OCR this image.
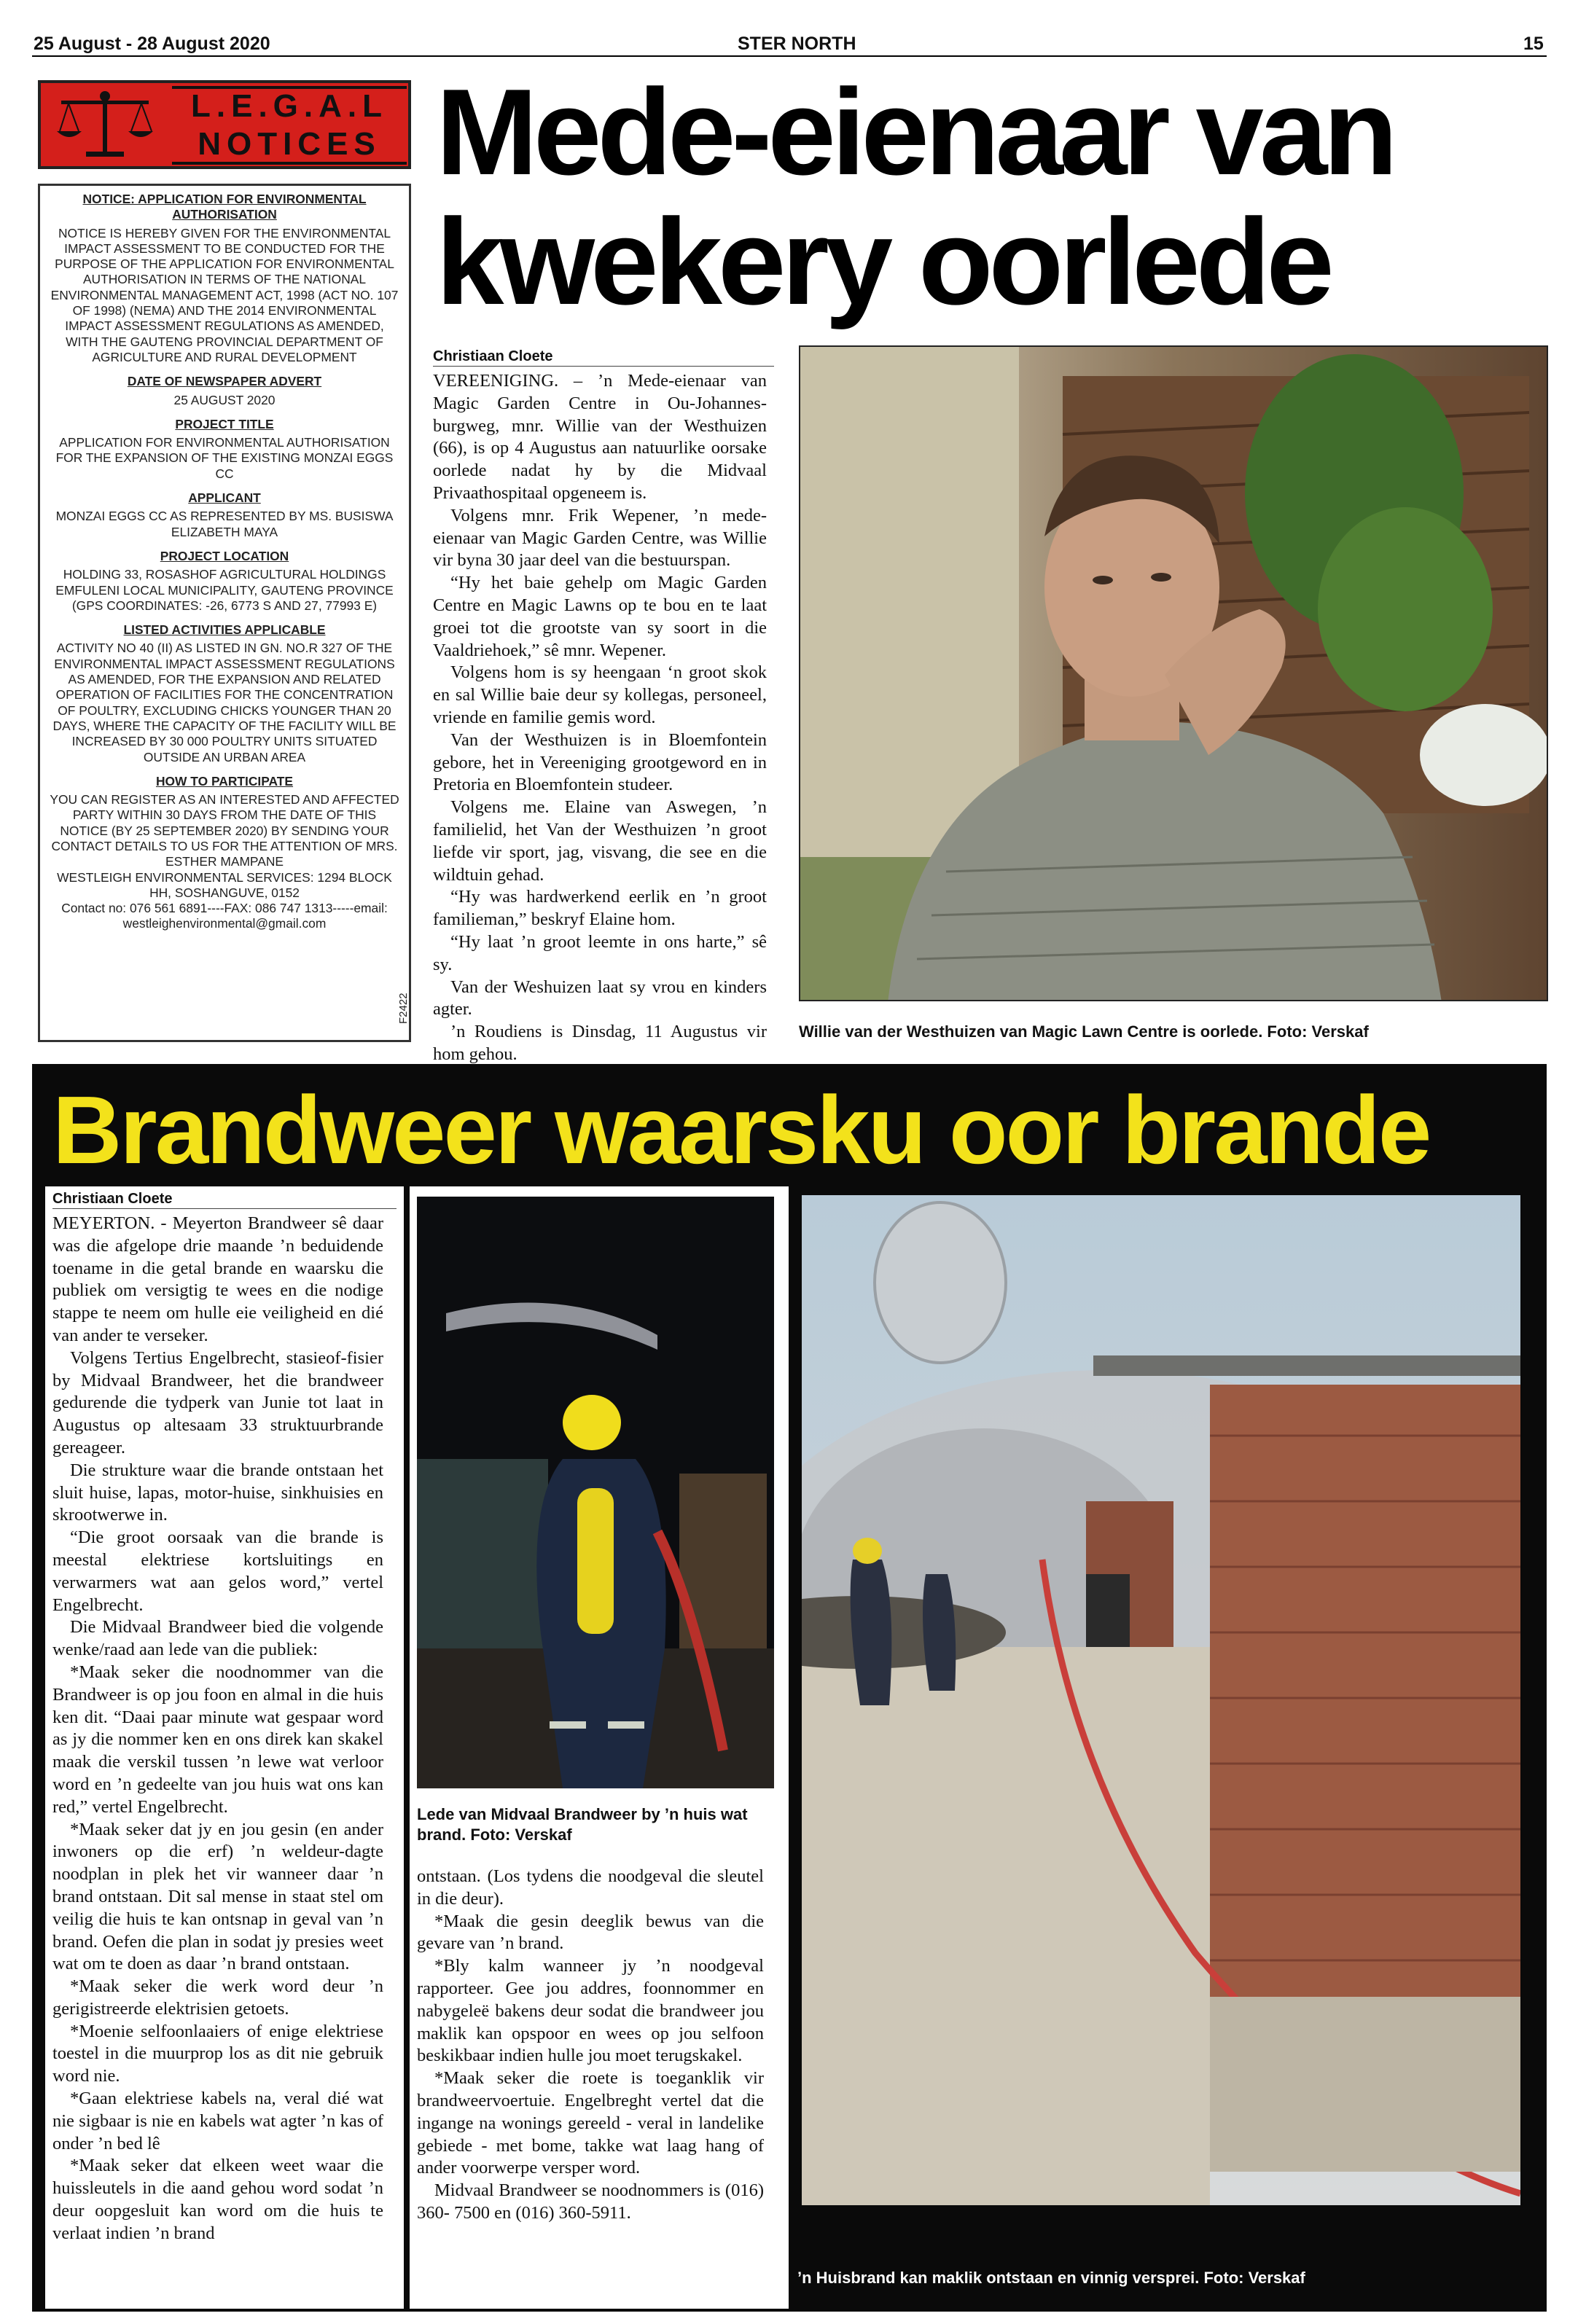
25 August - 28 August 2020	STER NORTH	15
L.E.G.A.L NOTICES
NOTICE: APPLICATION FOR ENVIRONMENTAL AUTHORISATION
NOTICE IS HEREBY GIVEN FOR THE ENVIRONMENTAL IMPACT ASSESSMENT TO BE CONDUCTED FOR THE PURPOSE OF THE APPLICATION FOR ENVIRONMENTAL AUTHORISATION IN TERMS OF THE NATIONAL ENVIRONMENTAL MANAGEMENT ACT, 1998 (ACT NO. 107 OF 1998) (NEMA) AND THE 2014 ENVIRONMENTAL IMPACT ASSESSMENT REGULATIONS AS AMENDED, WITH THE GAUTENG PROVINCIAL DEPARTMENT OF AGRICULTURE AND RURAL DEVELOPMENT
DATE OF NEWSPAPER ADVERT
25 AUGUST 2020
PROJECT TITLE
APPLICATION FOR ENVIRONMENTAL AUTHORISATION FOR THE EXPANSION OF THE EXISTING MONZAI EGGS CC
APPLICANT
MONZAI EGGS CC AS REPRESENTED BY MS. BUSISWA ELIZABETH MAYA
PROJECT LOCATION
HOLDING 33, ROSASHOF AGRICULTURAL HOLDINGS EMFULENI LOCAL MUNICIPALITY, GAUTENG PROVINCE (GPS COORDINATES: -26, 6773 S AND 27, 77993 E)
LISTED ACTIVITIES APPLICABLE
ACTIVITY NO 40 (II) AS LISTED IN GN. NO.R 327 OF THE ENVIRONMENTAL IMPACT ASSESSMENT REGULATIONS AS AMENDED, FOR THE EXPANSION AND RELATED OPERATION OF FACILITIES FOR THE CONCENTRATION OF POULTRY, EXCLUDING CHICKS YOUNGER THAN 20 DAYS, WHERE THE CAPACITY OF THE FACILITY WILL BE INCREASED BY 30 000 POULTRY UNITS SITUATED OUTSIDE AN URBAN AREA
HOW TO PARTICIPATE
YOU CAN REGISTER AS AN INTERESTED AND AFFECTED PARTY WITHIN 30 DAYS FROM THE DATE OF THIS NOTICE (BY 25 SEPTEMBER 2020) BY SENDING YOUR CONTACT DETAILS TO US FOR THE ATTENTION OF MRS. ESTHER MAMPANE
WESTLEIGH ENVIRONMENTAL SERVICES: 1294 BLOCK HH, SOSHANGUVE, 0152
Contact no: 076 561 6891----FAX: 086 747 1313-----email: westleighenvironmental@gmail.com
F2422
Mede-eienaar van
kwekery oorlede
Christiaan Cloete

VEREENIGING. – ’n Mede-eienaar van Magic Garden Centre in Ou-Johannes-burgweg, mnr. Willie van der Westhuizen (66), is op 4 Augustus aan natuurlike oorsake oorlede nadat hy by die Midvaal Privaathospitaal opgeneem is.

Volgens mnr. Frik Wepener, ’n mede-eienaar van Magic Garden Centre, was Willie vir byna 30 jaar deel van die bestuurspan.

“Hy het baie gehelp om Magic Garden Centre en Magic Lawns op te bou en te laat groei tot die grootste van sy soort in die Vaaldriehoek,” sê mnr. Wepener.

Volgens hom is sy heengaan ‘n groot skok en sal Willie baie deur sy kollegas, personeel, vriende en familie gemis word.

Van der Westhuizen is in Bloemfontein gebore, het in Vereeniging grootgeword en in Pretoria en Bloemfontein studeer.

Volgens me. Elaine van Aswegen, ’n familielid, het Van der Westhuizen ’n groot liefde vir sport, jag, visvang, die see en die wildtuin gehad.

“Hy was hardwerkend eerlik en ’n groot familieman,” beskryf Elaine hom.

“Hy laat ’n groot leemte in ons harte,” sê sy.

Van der Weshuizen laat sy vrou en kinders agter.

’n Roudiens is Dinsdag, 11 Augustus vir hom gehou.

Willie van der Westhuizen van Magic Lawn Centre is oorlede. Foto: Verskaf
Brandweer waarsku oor brande
Christiaan Cloete

MEYERTON. - Meyerton Brandweer sê daar was die afgelope drie maande ’n beduidende toename in die getal brande en waarsku die publiek om versigtig te wees en die nodige stappe te neem om hulle eie veiligheid en dié van ander te verseker.

Volgens Tertius Engelbrecht, stasieof-fisier by Midvaal Brandweer, het die brandweer gedurende die tydperk van Junie tot laat in Augustus op altesaam 33 struktuurbrande gereageer.

Die strukture waar die brande ontstaan het sluit huise, lapas, motor-huise, sinkhuisies en skrootwerwe in.

“Die groot oorsaak van die brande is meestal elektriese kortsluitings en verwarmers wat aan gelos word,” vertel Engelbrecht.

Die Midvaal Brandweer bied die volgende wenke/raad aan lede van die publiek:

*Maak seker die noodnommer van die Brandweer is op jou foon en almal in die huis ken dit. “Daai paar minute wat gespaar word as jy die nommer ken en ons direk kan skakel maak die verskil tussen ’n lewe wat verloor word en ’n gedeelte van jou huis wat ons kan red,” vertel Engelbrecht.

*Maak seker dat jy en jou gesin (en ander inwoners op die erf) ’n weldeur-dagte noodplan in plek het vir wanneer daar ’n brand ontstaan. Dit sal mense in staat stel om veilig die huis te kan ontsnap in geval van ’n brand. Oefen die plan in sodat jy presies weet wat om te doen as daar ’n brand ontstaan.

*Maak seker die werk word deur ’n gerigistreerde elektrisien getoets.

*Moenie selfoonlaaiers of enige elektriese toestel in die muurprop los as dit nie gebruik word nie.

*Gaan elektriese kabels na, veral dié wat nie sigbaar is nie en kabels wat agter ’n kas of onder ’n bed lê

*Maak seker dat elkeen weet waar die huissleutels in die aand gehou word sodat ’n deur oopgesluit kan word om die huis te verlaat indien ’n brand

Lede van Midvaal Brandweer by ’n huis wat brand. Foto: Verskaf

ontstaan. (Los tydens die noodgeval die sleutel in die deur).

*Maak die gesin deeglik bewus van die gevare van ’n brand.

*Bly kalm wanneer jy ’n noodgeval rapporteer. Gee jou addres, foonnommer en nabygeleë bakens deur sodat die brandweer jou maklik kan opspoor en wees op jou selfoon beskikbaar indien hulle jou moet terugskakel.

*Maak seker die roete is toeganklik vir brandweervoertuie. Engelbreght vertel dat die ingange na wonings gereeld - veral in landelike gebiede - met bome, takke wat laag hang of ander voorwerpe versper word.

Midvaal Brandweer se noodnommers is (016) 360- 7500 en (016) 360-5911.

’n Huisbrand kan maklik ontstaan en vinnig versprei. Foto: Verskaf
